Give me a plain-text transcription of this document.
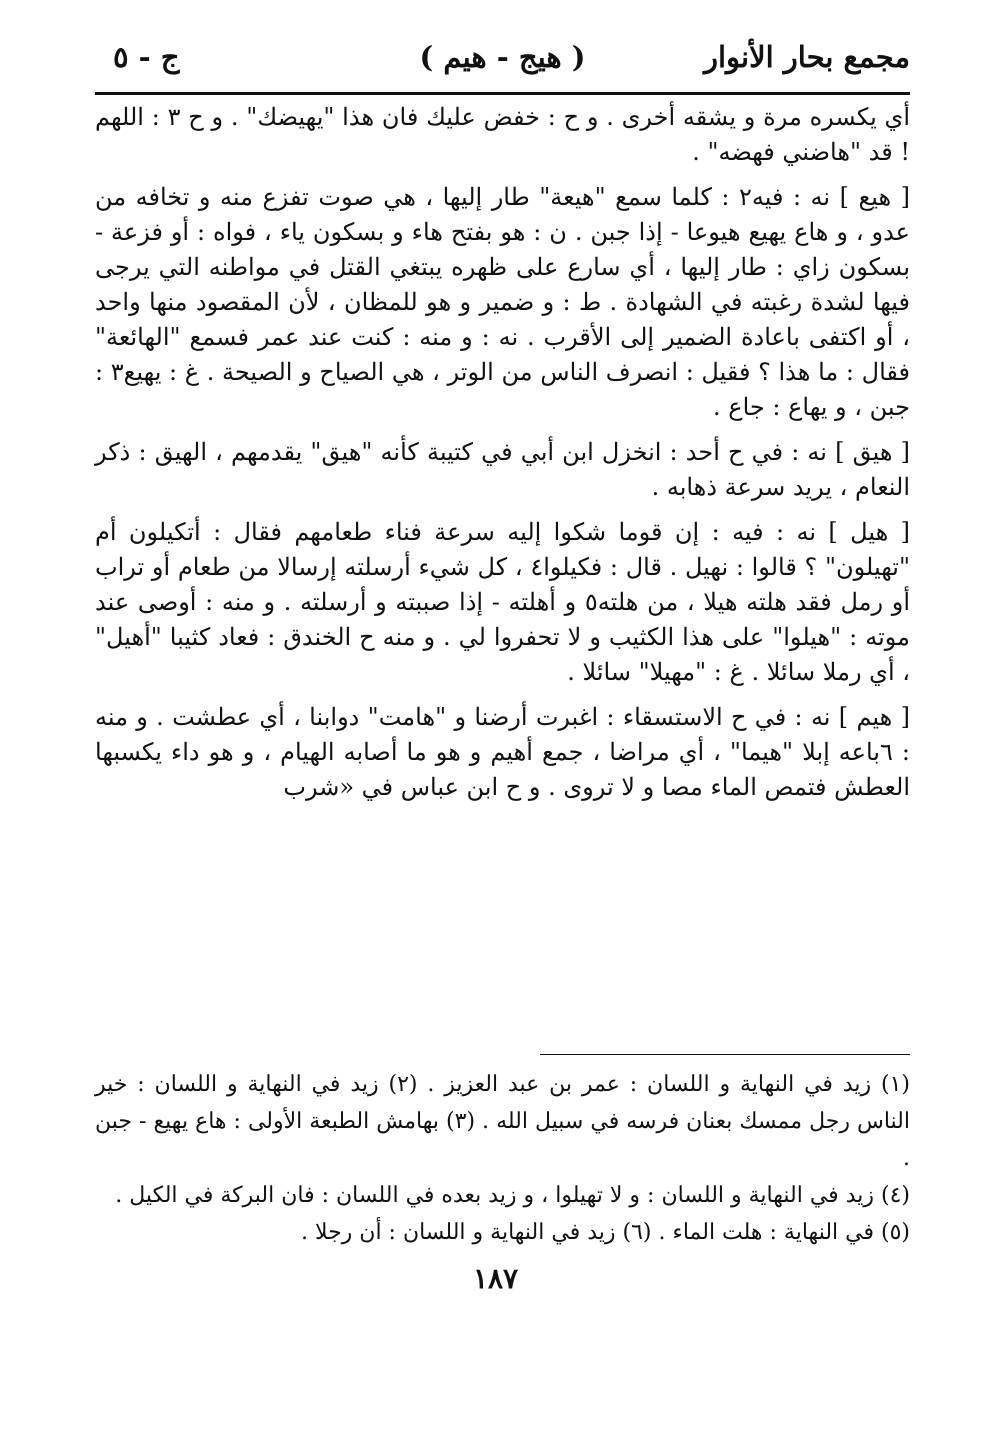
مجمع بحار الأنوار
( هيج - هيم )
ج - ٥

أي يكسره مرة و يشقه أخرى . و ح : خفض عليك فان هذا "يهيضك" . و ح ٣ : اللهم ! قد "هاضني فهضه" .

[ هيع ] نه : فيه٢ : كلما سمع "هيعة" طار إليها ، هي صوت تفزع منه و تخافه من عدو ، و هاع يهيع هيوعا - إذا جبن . ن : هو بفتح هاء و بسكون ياء ، فواه : أو فزعة - بسكون زاي : طار إليها ، أي سارع على ظهره يبتغي القتل في مواطنه التي يرجى فيها لشدة رغبته في الشهادة . ط : و ضمير و هو للمظان ، لأن المقصود منها واحد ، أو اكتفى باعادة الضمير إلى الأقرب . نه : و منه : كنت عند عمر فسمع "الهائعة" فقال : ما هذا ؟ فقيل : انصرف الناس من الوتر ، هي الصياح و الصيحة . غ : يهيع٣ : جبن ، و يهاع : جاع .

[ هيق ] نه : في ح أحد : انخزل ابن أبي في كتيبة كأنه "هيق" يقدمهم ، الهيق : ذكر النعام ، يريد سرعة ذهابه .

[ هيل ] نه : فيه : إن قوما شكوا إليه سرعة فناء طعامهم فقال : أتكيلون أم "تهيلون" ؟ قالوا : نهيل . قال : فكيلوا٤ ، كل شيء أرسلته إرسالا من طعام أو تراب أو رمل فقد هلته هيلا ، من هلته٥ و أهلته - إذا صببته و أرسلته . و منه : أوصى عند موته : "هيلوا" على هذا الكثيب و لا تحفروا لي . و منه ح الخندق : فعاد كثيبا "أهيل" ، أي رملا سائلا . غ : "مهيلا" سائلا .

[ هيم ] نه : في ح الاستسقاء : اغبرت أرضنا و "هامت" دوابنا ، أي عطشت . و منه : ٦باعه إبلا "هيما" ، أي مراضا ، جمع أهيم و هو ما أصابه الهيام ، و هو داء يكسبها العطش فتمص الماء مصا و لا تروى . و ح ابن عباس في «شرب

(١) زيد في النهاية و اللسان : عمر بن عبد العزيز . (٢) زيد في النهاية و اللسان : خير الناس رجل ممسك بعنان فرسه في سبيل الله . (٣) بهامش الطبعة الأولى : هاع يهيع - جبن .

(٤) زيد في النهاية و اللسان : و لا تهيلوا ، و زيد بعده في اللسان : فان البركة في الكيل .

(٥) في النهاية : هلت الماء . (٦) زيد في النهاية و اللسان : أن رجلا .

١٨٧
